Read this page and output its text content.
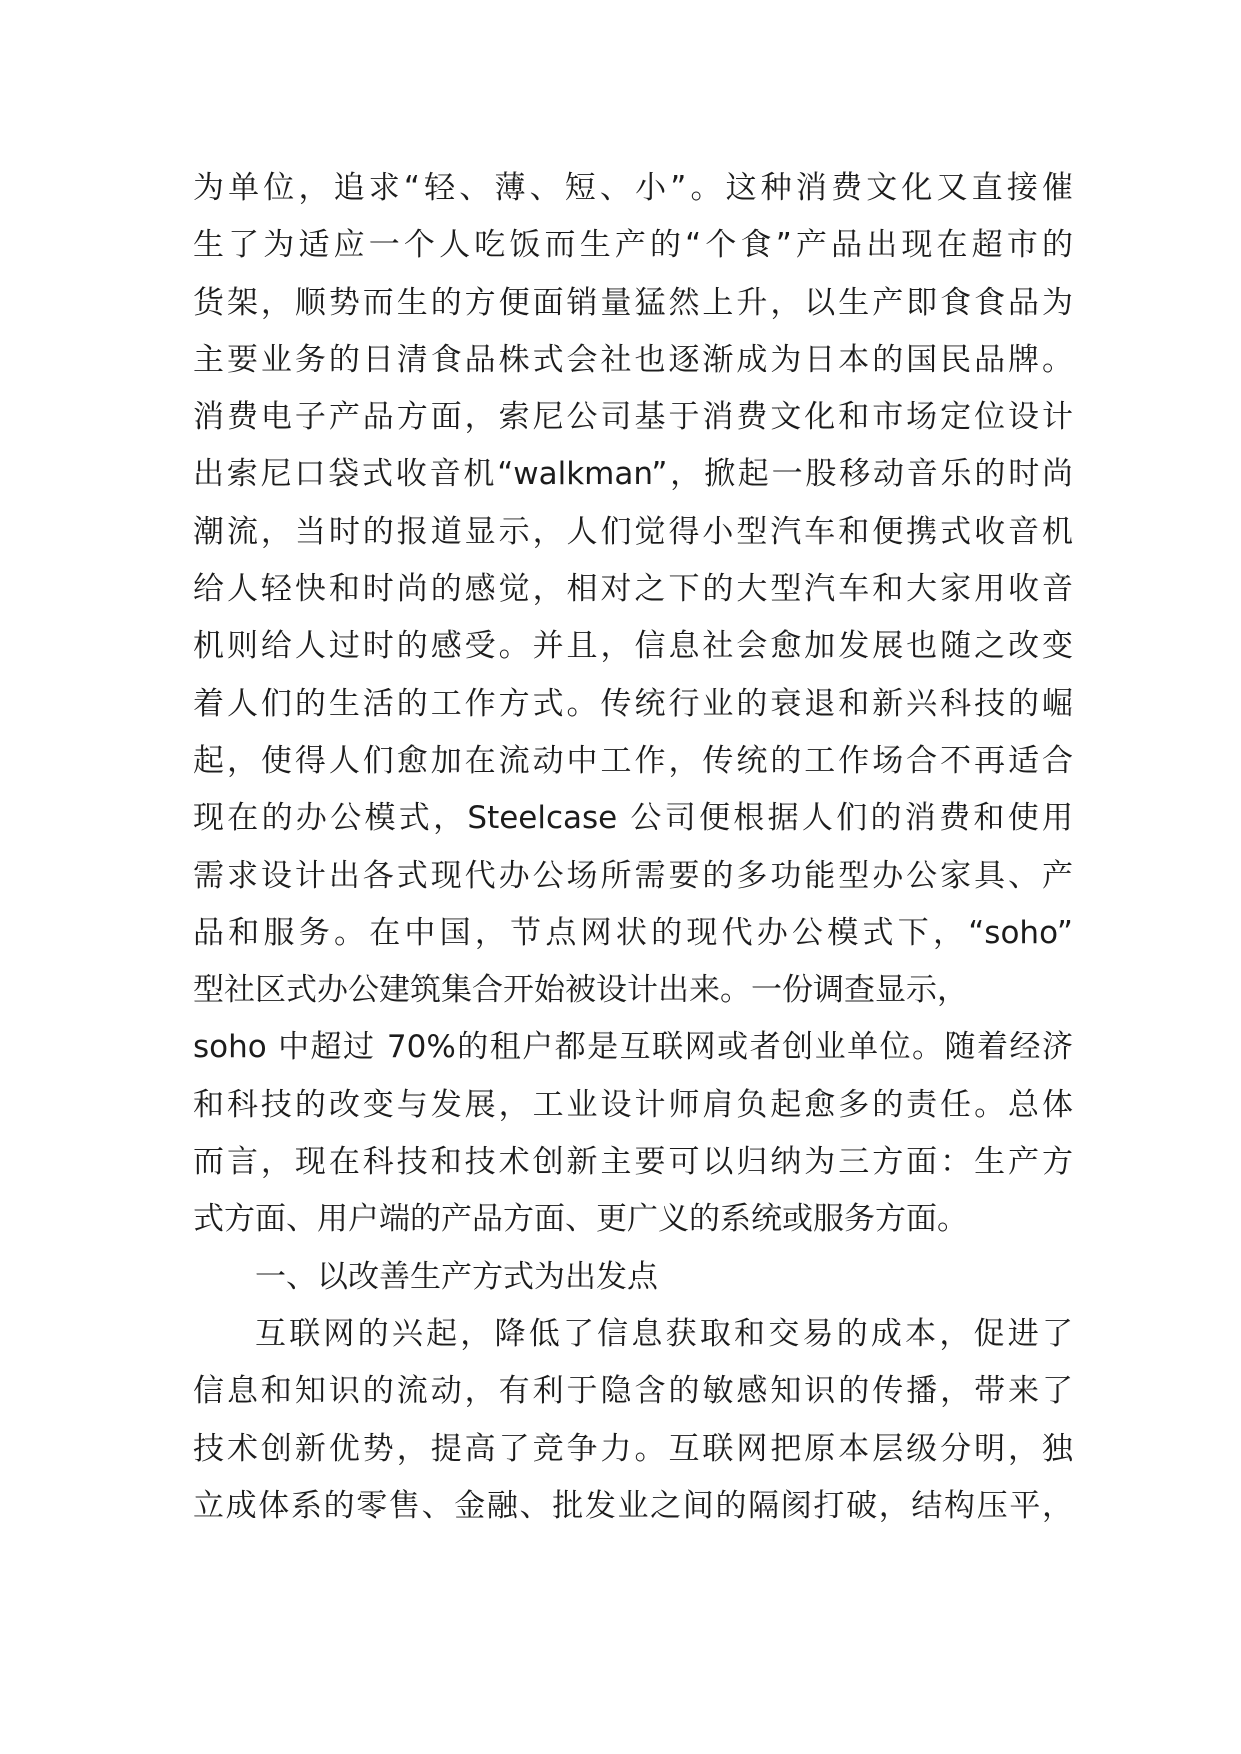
为单位，追求“轻、薄、短、小”。这种消费文化又直接催
生了为适应一个人吃饭而生产的“个食”产品出现在超市的
货架，顺势而生的方便面销量猛然上升，以生产即食食品为
主要业务的日清食品株式会社也逐渐成为日本的国民品牌。
消费电子产品方面，索尼公司基于消费文化和市场定位设计
出索尼口袋式收音机“walkman”，掀起一股移动音乐的时尚
潮流，当时的报道显示，人们觉得小型汽车和便携式收音机
给人轻快和时尚的感觉，相对之下的大型汽车和大家用收音
机则给人过时的感受。并且，信息社会愈加发展也随之改变
着人们的生活的工作方式。传统行业的衰退和新兴科技的崛
起，使得人们愈加在流动中工作，传统的工作场合不再适合
现在的办公模式，Steelcase 公司便根据人们的消费和使用
需求设计出各式现代办公场所需要的多功能型办公家具、产
品和服务。在中国，节点网状的现代办公模式下，“soho”
型社区式办公建筑集合开始被设计出来。一份调查显示，
soho 中超过 70%的租户都是互联网或者创业单位。随着经济
和科技的改变与发展，工业设计师肩负起愈多的责任。总体
而言，现在科技和技术创新主要可以归纳为三方面：生产方
式方面、用户端的产品方面、更广义的系统或服务方面。
一、以改善生产方式为出发点
互联网的兴起，降低了信息获取和交易的成本，促进了
信息和知识的流动，有利于隐含的敏感知识的传播，带来了
技术创新优势，提高了竞争力。互联网把原本层级分明，独
立成体系的零售、金融、批发业之间的隔阂打破，结构压平，
